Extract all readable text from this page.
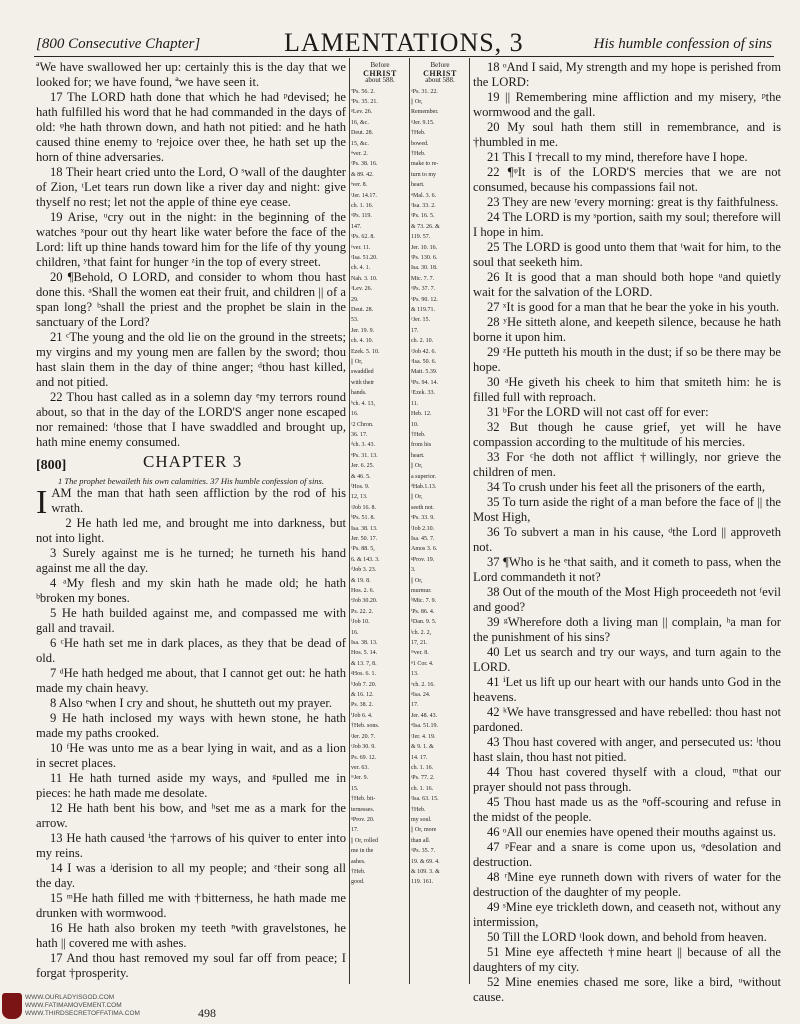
[800 Consecutive Chapter]	LAMENTATIONS, 3	His humble confession of sins

ªWe have swallowed her up: certainly this is the day that we looked for; we have found, ªwe have seen it.

17 The LORD hath done that which he had ᵖdevised; he hath fulfilled his word that he had commanded in the days of old: ᵠhe hath thrown down, and hath not pitied: and he hath caused thine enemy to ʳrejoice over thee, he hath set up the horn of thine adversaries.

18 Their heart cried unto the Lord, O ˢwall of the daughter of Zion, ᵗLet tears run down like a river day and night: give thyself no rest; let not the apple of thine eye cease.

19 Arise, ᵘcry out in the night: in the beginning of the watches ˣpour out thy heart like water before the face of the Lord: lift up thine hands toward him for the life of thy young children, ʸthat faint for hunger ᶻin the top of every street.

20 ¶Behold, O LORD, and consider to whom thou hast done this. ᵃShall the women eat their fruit, and children || of a span long? ᵇshall the priest and the prophet be slain in the sanctuary of the Lord?

21 ᶜThe young and the old lie on the ground in the streets; my virgins and my young men are fallen by the sword; thou hast slain them in the day of thine anger; ᵈthou hast killed, and not pitied.

22 Thou hast called as in a solemn day ᵉmy terrors round about, so that in the day of the LORD'S anger none escaped nor remained: ᶠthose that I have swaddled and brought up, hath mine enemy consumed.

[800]	CHAPTER 3

1 The prophet bewaileth his own calamities. 37 His humble confession of sins.

IAM the man that hath seen affliction by the rod of his wrath.

2 He hath led me, and brought me into darkness, but not into light.

3 Surely against me is he turned; he turneth his hand against me all the day.

4 ᵃMy flesh and my skin hath he made old; he hath ᵇbroken my bones.

5 He hath builded against me, and compassed me with gall and travail.

6 ᶜHe hath set me in dark places, as they that be dead of old.

7 ᵈHe hath hedged me about, that I cannot get out: he hath made my chain heavy.

8 Also ᵉwhen I cry and shout, he shutteth out my prayer.

9 He hath inclosed my ways with hewn stone, he hath made my paths crooked.

10 ᶠHe was unto me as a bear lying in wait, and as a lion in secret places.

11 He hath turned aside my ways, and ᵍpulled me in pieces: he hath made me desolate.

12 He hath bent his bow, and ʰset me as a mark for the arrow.

13 He hath caused ⁱthe †arrows of his quiver to enter into my reins.

14 I was a ʲderision to all my people; and ᵋtheir song all the day.

15 ᵐHe hath filled me with †bitterness, he hath made me drunken with wormwood.

16 He hath also broken my teeth ⁿwith gravelstones, he hath || covered me with ashes.

17 And thou hast removed my soul far off from peace; I forgat †prosperity.

Before
CHRIST
about 588.
ªPs. 56. 2.
ªPs. 35. 21.
ᵖLev. 26.
16, &c.
Deut. 28.
15, &c.
ᵠver. 2.
ʳPs. 38. 16.
& 89. 42.
ˢver. 8.
ᵗJer. 14.17.
ch. 1. 16.
ᵘPs. 119.
147.
ˣPs. 62. 8.
ʸver. 11.
ᶻIsa. 51.20.
ch. 4. 1.
Nah. 3. 10.
ᵃLev. 26.
29.
Deut. 28.
53.
Jer. 19. 9.
ch. 4. 10.
Ezek. 5. 10.
|| Or,
swaddled
with their
hands.
ᵇch. 4. 13,
16.
ᶜ2 Chron.
36. 17.
ᵈch. 3. 43.
ᵉPs. 31. 13.
Jer. 6. 25.
& 46. 5.
ᶠHos. 9.
12, 13.
ᵃJob 16. 8.
ᵇPs. 51. 8.
Isa. 38. 13.
Jer. 50. 17.
ᶜPs. 88. 5,
6. & 143. 3.
ᵈJob 3. 23.
& 19. 8.
Hos. 2. 6.
ᵉJob 30.20.
Ps. 22. 2.
ᶠJob 10.
16.
Isa. 38. 13.
Hos. 5. 14.
& 13. 7, 8.
ᵍHos. 6. 1.
ʰJob 7. 20.
& 16. 12.
Ps. 38. 2.
ⁱJob 6. 4.
†Heb. sons.
ʲJer. 20. 7.
ᵋJob 30. 9.
Ps. 69. 12.
ver. 63.
ᵐJer. 9.
15.
†Heb. bit-
ternesses.
ⁿProv. 20.
17.
|| Or, rolled
me in the
ashes.
†Heb.
good.
Before
CHRIST
about 588.
ᵒPs. 31. 22.
|| Or,
Remember.
ᵖJer. 9.15.
†Heb.
bowed.
†Heb.
make to re-
turn to my
heart.
ᵠMal. 3. 6.
ʳIsa. 33. 2.
ˢPs. 16. 5.
& 73. 26. &
119. 57.
Jer. 10. 16.
ᵗPs. 130. 6.
Isa. 30. 18.
Mic. 7. 7.
ᵘPs. 37. 7.
ˣPs. 90. 12.
& 119.71.
ʸJer. 15.
17.
ch. 2. 10.
ᶻJob 42. 6.
ᵃIsa. 50. 6.
Matt. 5.39.
ᵇPs. 94. 14.
ᶜEzek. 33.
11.
Heb. 12.
10.
†Heb.
from his
heart.
|| Or,
a superior.
ᵈHab.1.13.
|| Or,
seeth not.
ᵉPs. 33. 9.
ᶠJob 2.10.
Isa. 45. 7.
Amos 3. 6.
ᵍProv. 19.
3.
|| Or,
murmur.
ʰMic. 7. 9.
ⁱPs. 86. 4.
ᵏDan. 9. 5.
ˡch. 2. 2,
17, 21.
ᵐver. 8.
ⁿ1 Cor. 4.
13.
ᵒch. 2. 16.
ᵖIsa. 24.
17.
Jer. 48. 43.
ᵠIsa. 51.19.
ʳJer. 4. 19.
& 9. 1. &
14. 17.
ch. 1. 16.
ˢPs. 77. 2.
ch. 1. 16.
ᵗIsa. 63. 15.
†Heb.
my soul.
|| Or, more
than all.
ᵘPs. 35. 7.
19. & 69. 4.
& 109. 3. &
119. 161.

18 ᵒAnd I said, My strength and my hope is perished from the LORD:

19 || Remembering mine affliction and my misery, ᵖthe wormwood and the gall.

20 My soul hath them still in remembrance, and is †humbled in me.

21 This I †recall to my mind, therefore have I hope.

22 ¶ᵠIt is of the LORD'S mercies that we are not consumed, because his compassions fail not.

23 They are new ʳevery morning: great is thy faithfulness.

24 The LORD is my ˢportion, saith my soul; therefore will I hope in him.

25 The LORD is good unto them that ᵗwait for him, to the soul that seeketh him.

26 It is good that a man should both hope ᵘand quietly wait for the salvation of the LORD.

27 ˣIt is good for a man that he bear the yoke in his youth.

28 ʸHe sitteth alone, and keepeth silence, because he hath borne it upon him.

29 ᶻHe putteth his mouth in the dust; if so be there may be hope.

30 ᵃHe giveth his cheek to him that smiteth him: he is filled full with reproach.

31 ᵇFor the LORD will not cast off for ever:

32 But though he cause grief, yet will he have compassion according to the multitude of his mercies.

33 For ᶜhe doth not afflict †willingly, nor grieve the children of men.

34 To crush under his feet all the prisoners of the earth,

35 To turn aside the right of a man before the face of || the Most High,

36 To subvert a man in his cause, ᵈthe Lord || approveth not.

37 ¶Who is he ᵉthat saith, and it cometh to pass, when the Lord commandeth it not?

38 Out of the mouth of the Most High proceedeth not ᶠevil and good?

39 ᵍWherefore doth a living man || complain, ʰa man for the punishment of his sins?

40 Let us search and try our ways, and turn again to the LORD.

41 ⁱLet us lift up our heart with our hands unto God in the heavens.

42 ᵏWe have transgressed and have rebelled: thou hast not pardoned.

43 Thou hast covered with anger, and persecuted us: ˡthou hast slain, thou hast not pitied.

44 Thou hast covered thyself with a cloud, ᵐthat our prayer should not pass through.

45 Thou hast made us as the ⁿoff-scouring and refuse in the midst of the people.

46 ᵒAll our enemies have opened their mouths against us.

47 ᵖFear and a snare is come upon us, ᵠdesolation and destruction.

48 ʳMine eye runneth down with rivers of water for the destruction of the daughter of my people.

49 ˢMine eye trickleth down, and ceaseth not, without any intermission,

50 Till the LORD ᵗlook down, and behold from heaven.

51 Mine eye affecteth †mine heart || because of all the daughters of my city.

52 Mine enemies chased me sore, like a bird, ᵘwithout cause.

498
WWW.OURLADYISGOD.COM
WWW.FATIMAMOVEMENT.COM
WWW.THIRDSECRETOFFATIMA.COM
